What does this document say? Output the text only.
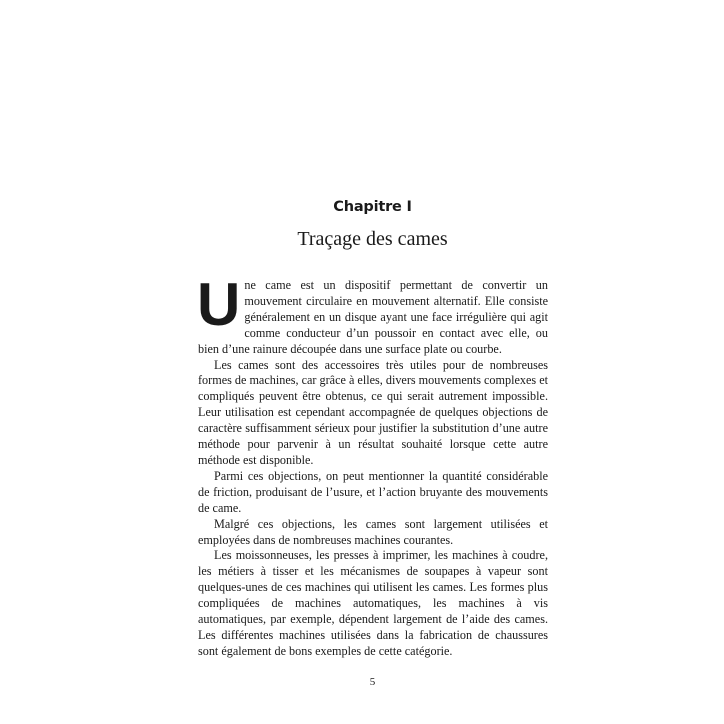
Chapitre I
Traçage des cames

Une came est un dispositif permettant de convertir un mouvement circulaire en mouvement alternatif. Elle consiste généralement en un disque ayant une face irrégulière qui agit comme conducteur d’un poussoir en contact avec elle, ou bien d’une rainure découpée dans une surface plate ou courbe.

Les cames sont des accessoires très utiles pour de nombreuses formes de machines, car grâce à elles, divers mouvements complexes et compliqués peuvent être obtenus, ce qui serait autrement impossible. Leur utilisation est cependant accompagnée de quelques objections de caractère suffisamment sérieux pour justifier la substitution d’une autre méthode pour parvenir à un résultat souhaité lorsque cette autre méthode est disponible.

Parmi ces objections, on peut mentionner la quantité considérable de friction, produisant de l’usure, et l’action bruyante des mouvements de came.

Malgré ces objections, les cames sont largement utilisées et employées dans de nombreuses machines courantes.

Les moissonneuses, les presses à imprimer, les machines à coudre, les métiers à tisser et les mécanismes de soupapes à vapeur sont quelques-unes de ces machines qui utilisent les cames. Les formes plus compliquées de machines automatiques, les machines à vis automatiques, par exemple, dépendent largement de l’aide des cames. Les différentes machines utilisées dans la fabrication de chaussures sont également de bons exemples de cette catégorie.

5
